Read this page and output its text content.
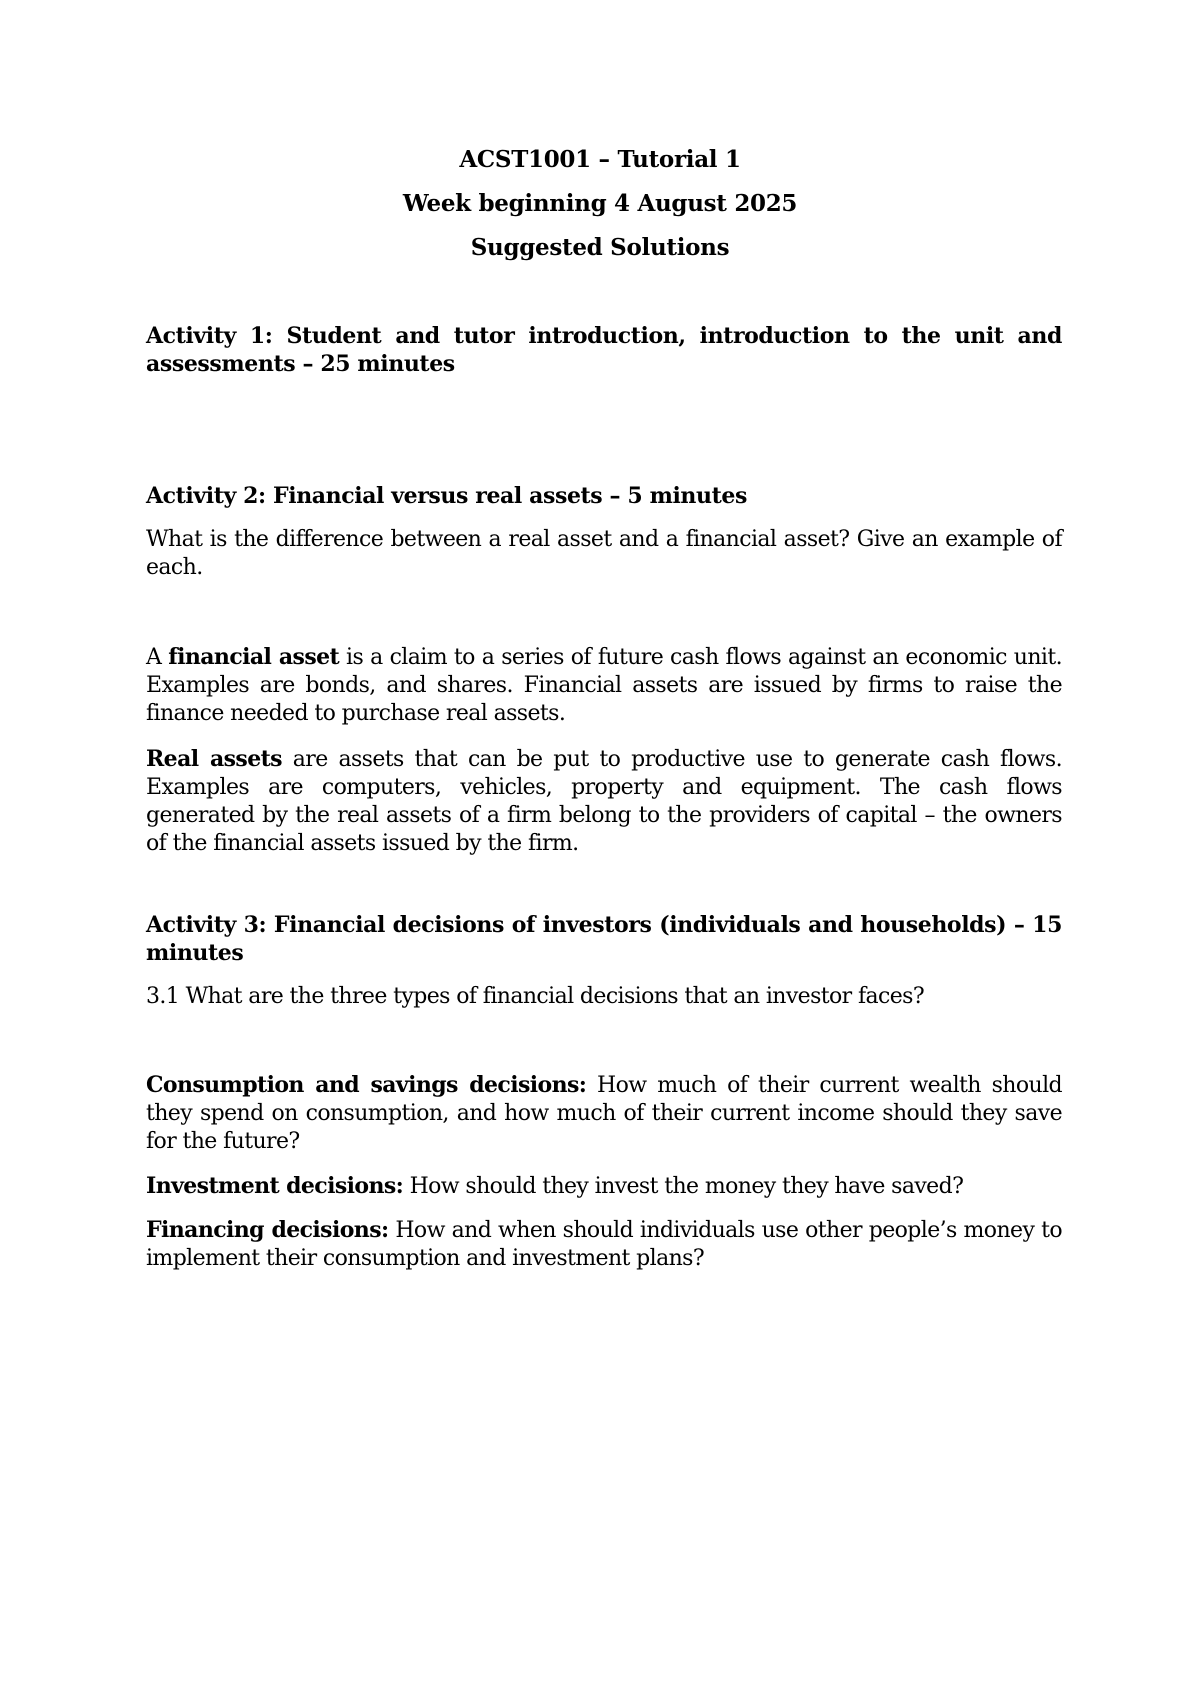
ACST1001 – Tutorial 1
Week beginning 4 August 2025
Suggested Solutions
Activity 1: Student and tutor introduction, introduction to the unit and assessments – 25 minutes
Activity 2: Financial versus real assets – 5 minutes
What is the difference between a real asset and a financial asset? Give an example of each.
A financial asset is a claim to a series of future cash flows against an economic unit. Examples are bonds, and shares. Financial assets are issued by firms to raise the finance needed to purchase real assets.
Real assets are assets that can be put to productive use to generate cash flows. Examples are computers, vehicles, property and equipment. The cash flows generated by the real assets of a firm belong to the providers of capital – the owners of the financial assets issued by the firm.
Activity 3: Financial decisions of investors (individuals and households) – 15 minutes
3.1 What are the three types of financial decisions that an investor faces?
Consumption and savings decisions: How much of their current wealth should they spend on consumption, and how much of their current income should they save for the future?
Investment decisions: How should they invest the money they have saved?
Financing decisions: How and when should individuals use other people’s money to implement their consumption and investment plans?
